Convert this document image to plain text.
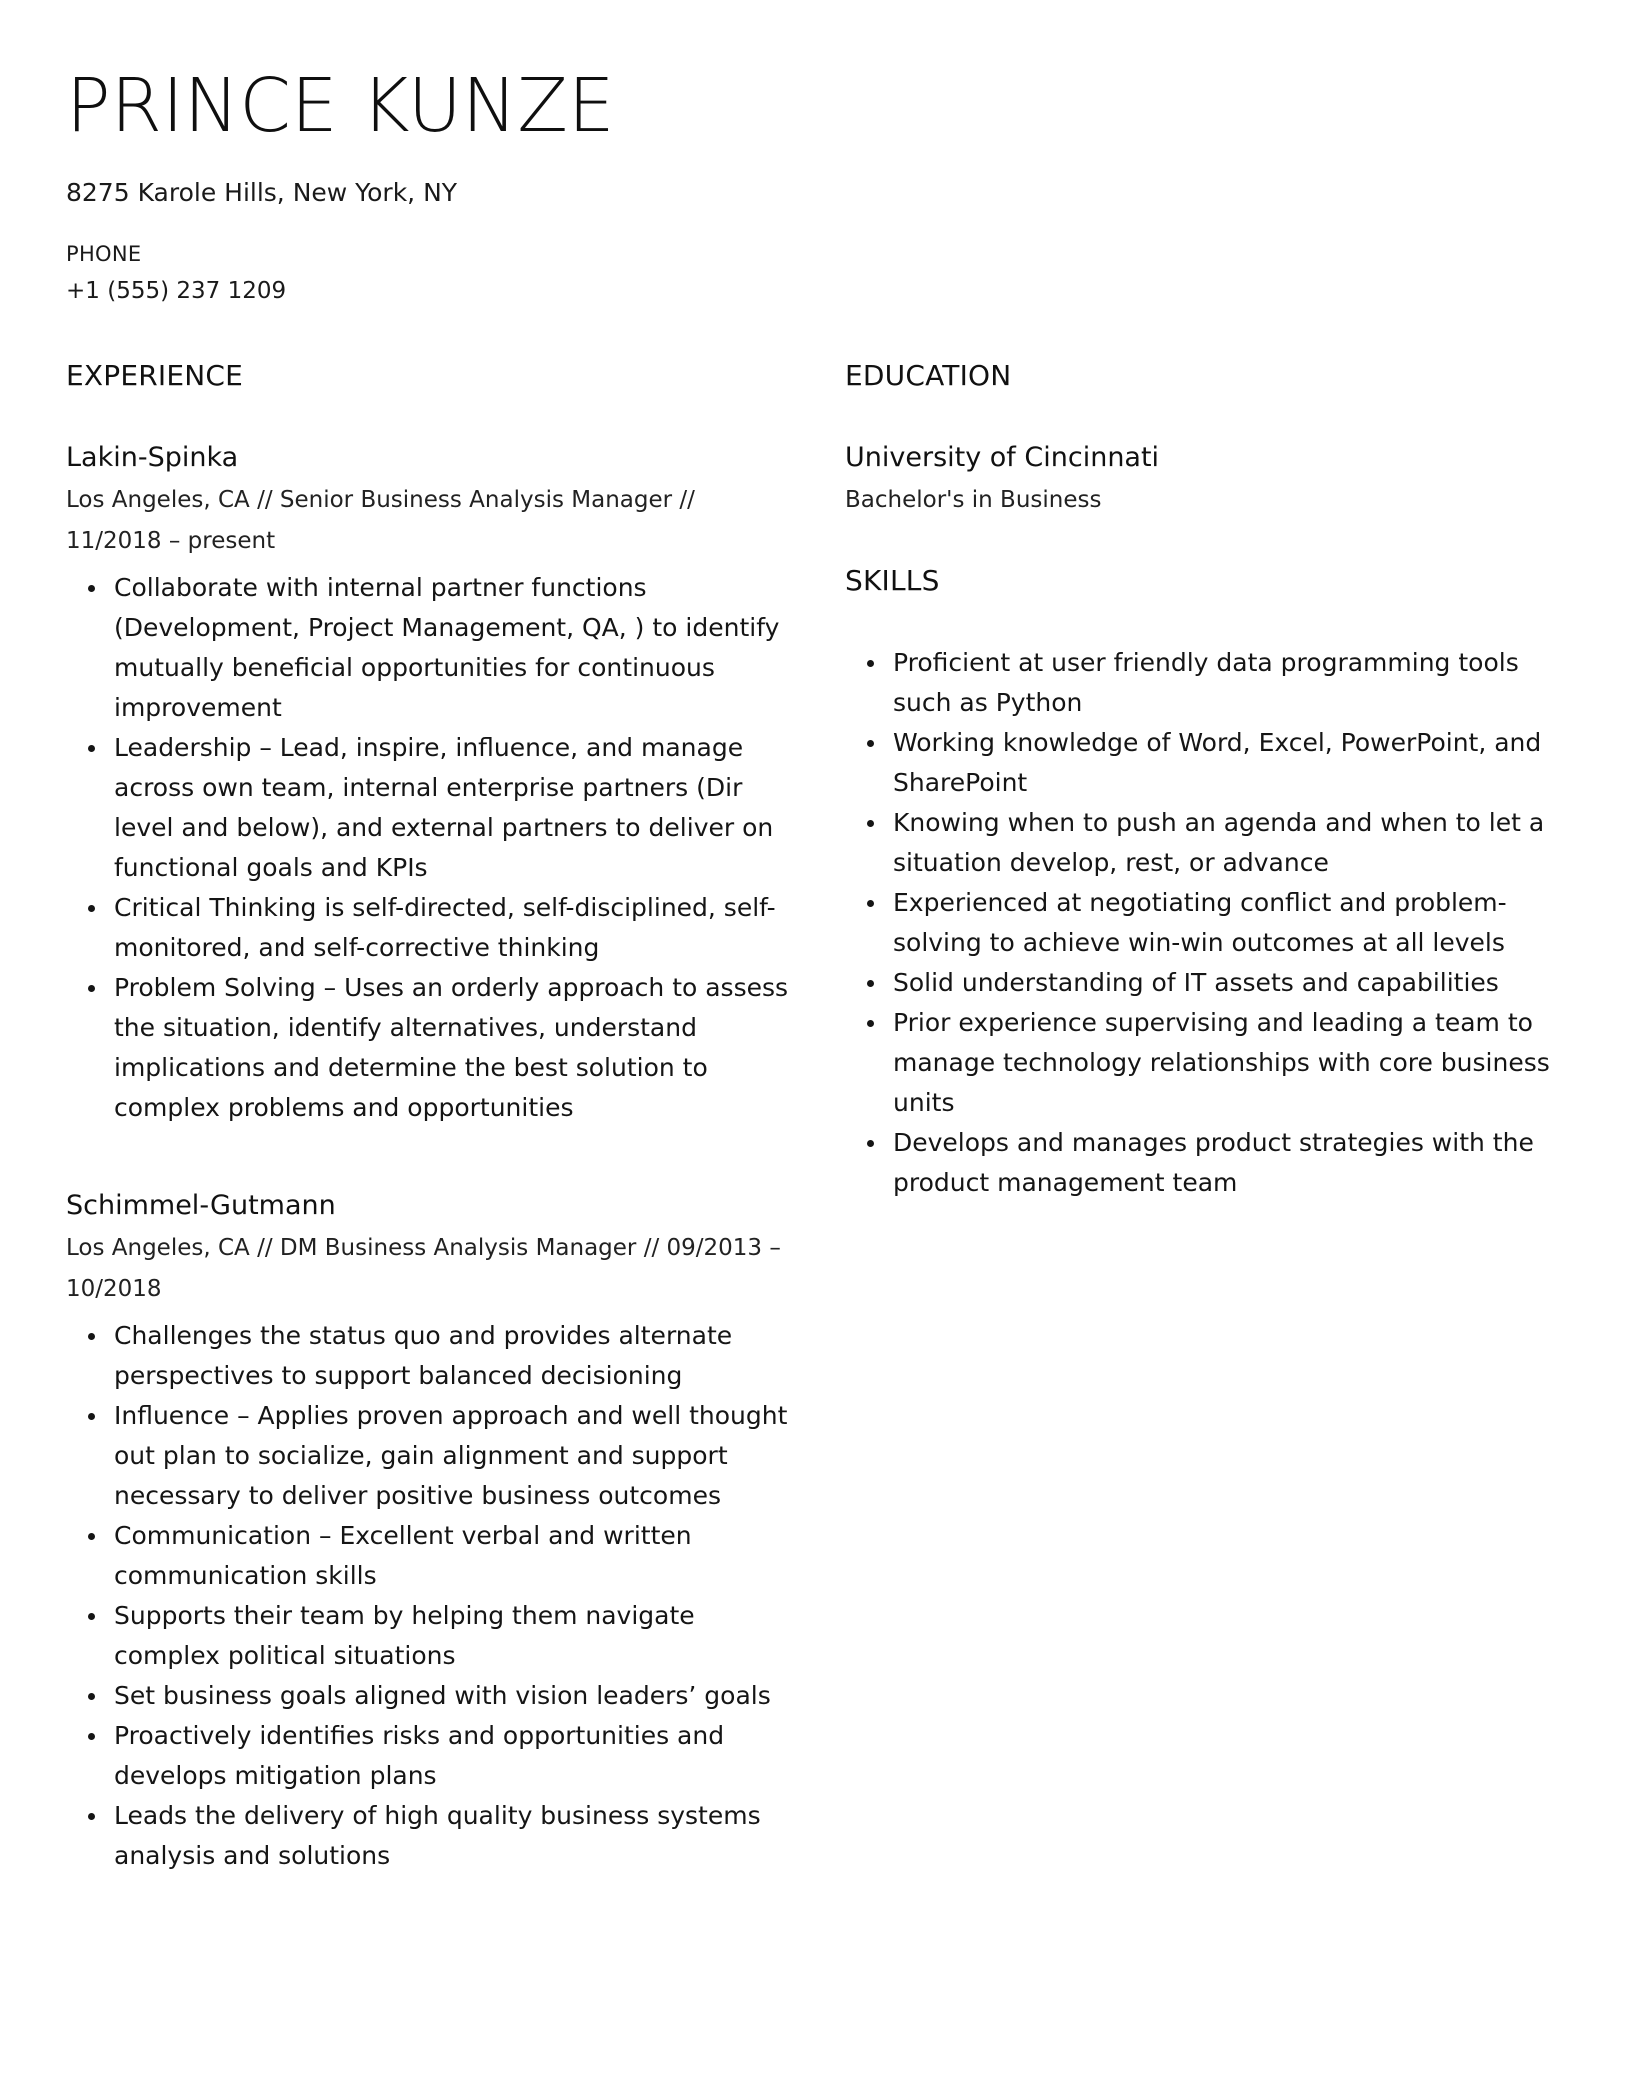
PRINCE KUNZE
8275 Karole Hills, New York, NY
PHONE
+1 (555) 237 1209
EXPERIENCE
Lakin-Spinka
Los Angeles, CA // Senior Business Analysis Manager // 11/2018 – present
Collaborate with internal partner functions (Development, Project Management, QA, ) to identify mutually beneficial opportunities for continuous improvement
Leadership – Lead, inspire, influence, and manage across own team, internal enterprise partners (Dir level and below), and external partners to deliver on functional goals and KPIs
Critical Thinking is self-directed, self-disciplined, self-monitored, and self-corrective thinking
Problem Solving – Uses an orderly approach to assess the situation, identify alternatives, understand implications and determine the best solution to complex problems and opportunities
Schimmel-Gutmann
Los Angeles, CA // DM Business Analysis Manager // 09/2013 – 10/2018
Challenges the status quo and provides alternate perspectives to support balanced decisioning
Influence – Applies proven approach and well thought out plan to socialize, gain alignment and support necessary to deliver positive business outcomes
Communication – Excellent verbal and written communication skills
Supports their team by helping them navigate complex political situations
Set business goals aligned with vision leaders’ goals
Proactively identifies risks and opportunities and develops mitigation plans
Leads the delivery of high quality business systems analysis and solutions
EDUCATION
University of Cincinnati
Bachelor's in Business
SKILLS
Proficient at user friendly data programming tools such as Python
Working knowledge of Word, Excel, PowerPoint, and SharePoint
Knowing when to push an agenda and when to let a situation develop, rest, or advance
Experienced at negotiating conflict and problem-solving to achieve win-win outcomes at all levels
Solid understanding of IT assets and capabilities
Prior experience supervising and leading a team to manage technology relationships with core business units
Develops and manages product strategies with the product management team
